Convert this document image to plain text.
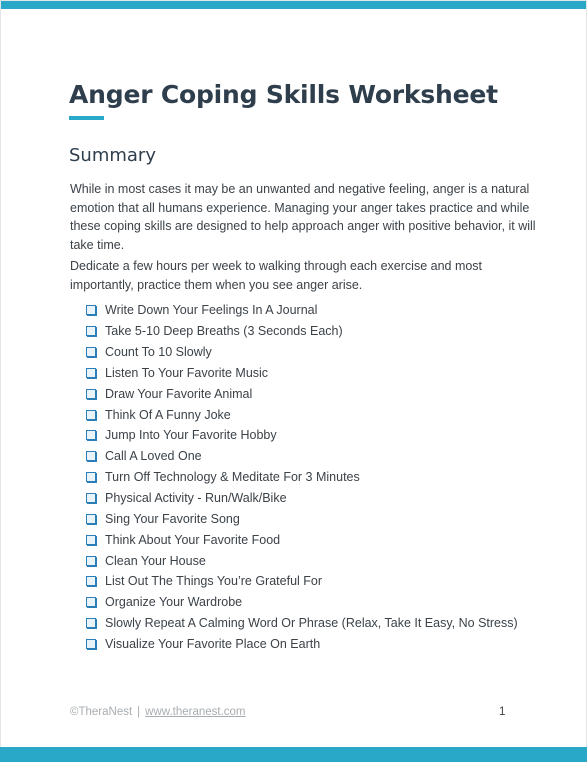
Anger Coping Skills Worksheet
Summary

While in most cases it may be an unwanted and negative feeling, anger is a natural emotion that all humans experience. Managing your anger takes practice and while these coping skills are designed to help approach anger with positive behavior, it will take time.

Dedicate a few hours per week to walking through each exercise and most importantly, practice them when you see anger arise.

Write Down Your Feelings In A Journal
Take 5-10 Deep Breaths (3 Seconds Each)
Count To 10 Slowly
Listen To Your Favorite Music
Draw Your Favorite Animal
Think Of A Funny Joke
Jump Into Your Favorite Hobby
Call A Loved One
Turn Off Technology & Meditate For 3 Minutes
Physical Activity - Run/Walk/Bike
Sing Your Favorite Song
Think About Your Favorite Food
Clean Your House
List Out The Things You’re Grateful For
Organize Your Wardrobe
Slowly Repeat A Calming Word Or Phrase (Relax, Take It Easy, No Stress)
Visualize Your Favorite Place On Earth
©TheraNest | www.theranest.com	1
